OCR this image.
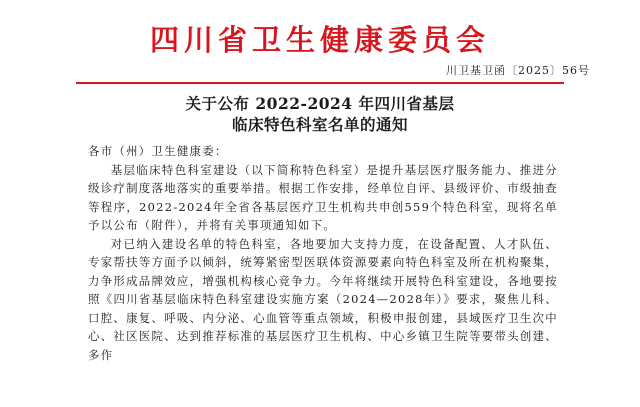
四川省卫生健康委员会
川卫基卫函〔2025〕56号
关于公布 2022-2024 年四川省基层
临床特色科室名单的通知

各市（州）卫生健康委：

基层临床特色科室建设（以下简称特色科室）是提升基层医疗服务能力、推进分级诊疗制度落地落实的重要举措。根据工作安排，经单位自评、县级评价、市级抽查等程序，2022-2024年全省各基层医疗卫生机构共申创559个特色科室，现将名单予以公布（附件），并将有关事项通知如下。

对已纳入建设名单的特色科室，各地要加大支持力度，在设备配置、人才队伍、专家帮扶等方面予以倾斜，统筹紧密型医联体资源要素向特色科室及所在机构聚集，力争形成品牌效应，增强机构核心竞争力。今年将继续开展特色科室建设，各地要按照《四川省基层临床特色科室建设实施方案（2024—2028年）》要求，聚焦儿科、口腔、康复、呼吸、内分泌、心血管等重点领域，积极申报创建，县域医疗卫生次中心、社区医院、达到推荐标准的基层医疗卫生机构、中心乡镇卫生院等要带头创建、多作
